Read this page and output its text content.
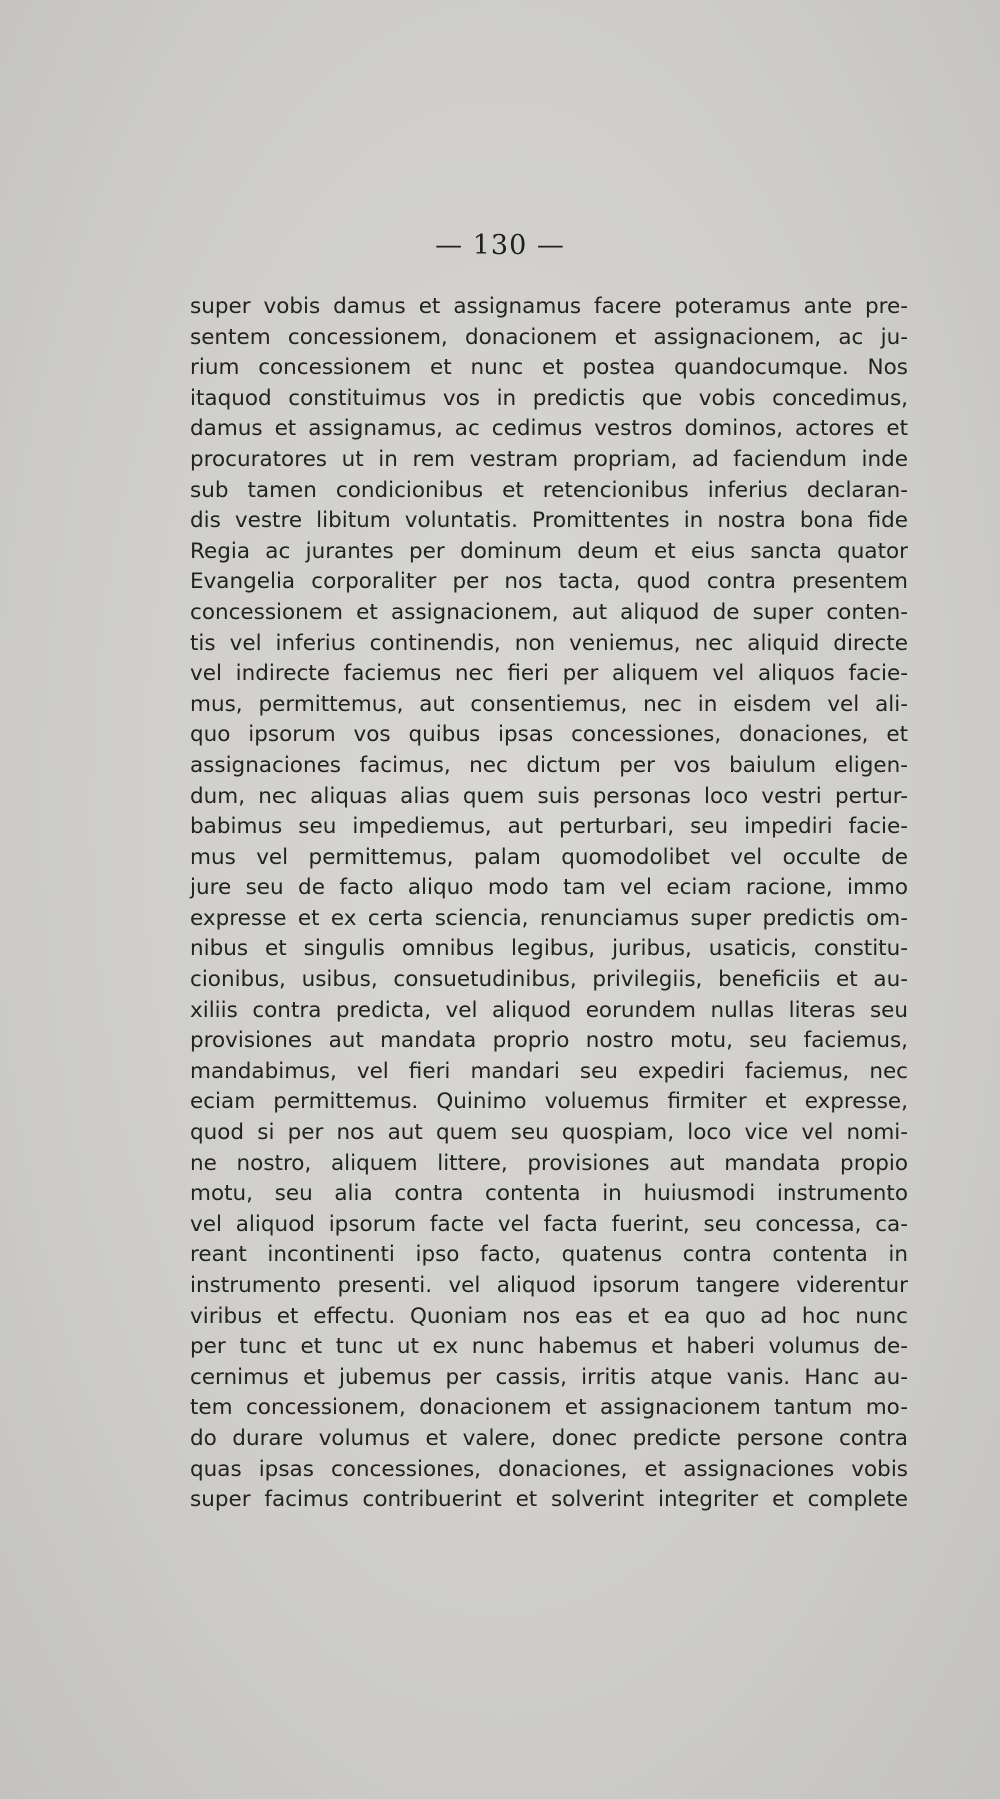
— 130 —
super vobis damus et assignamus facere poteramus ante pre-
sentem concessionem, donacionem et assignacionem, ac ju-
rium concessionem et nunc et postea quandocumque. Nos
itaquod constituimus vos in predictis que vobis concedimus,
damus et assignamus, ac cedimus vestros dominos, actores et
procuratores ut in rem vestram propriam, ad faciendum inde
sub tamen condicionibus et retencionibus inferius declaran-
dis vestre libitum voluntatis. Promittentes in nostra bona fide
Regia ac jurantes per dominum deum et eius sancta quator
Evangelia corporaliter per nos tacta, quod contra presentem
concessionem et assignacionem, aut aliquod de super conten-
tis vel inferius continendis, non veniemus, nec aliquid directe
vel indirecte faciemus nec fieri per aliquem vel aliquos facie-
mus, permittemus, aut consentiemus, nec in eisdem vel ali-
quo ipsorum vos quibus ipsas concessiones, donaciones, et
assignaciones facimus, nec dictum per vos baiulum eligen-
dum, nec aliquas alias quem suis personas loco vestri pertur-
babimus seu impediemus, aut perturbari, seu impediri facie-
mus vel permittemus, palam quomodolibet vel occulte de
jure seu de facto aliquo modo tam vel eciam racione, immo
expresse et ex certa sciencia, renunciamus super predictis om-
nibus et singulis omnibus legibus, juribus, usaticis, constitu-
cionibus, usibus, consuetudinibus, privilegiis, beneficiis et au-
xiliis contra predicta, vel aliquod eorundem nullas literas seu
provisiones aut mandata proprio nostro motu, seu faciemus,
mandabimus, vel fieri mandari seu expediri faciemus, nec
eciam permittemus. Quinimo voluemus firmiter et expresse,
quod si per nos aut quem seu quospiam, loco vice vel nomi-
ne nostro, aliquem littere, provisiones aut mandata propio
motu, seu alia contra contenta in huiusmodi instrumento
vel aliquod ipsorum facte vel facta fuerint, seu concessa, ca-
reant incontinenti ipso facto, quatenus contra contenta in
instrumento presenti. vel aliquod ipsorum tangere viderentur
viribus et effectu. Quoniam nos eas et ea quo ad hoc nunc
per tunc et tunc ut ex nunc habemus et haberi volumus de-
cernimus et jubemus per cassis, irritis atque vanis. Hanc au-
tem concessionem, donacionem et assignacionem tantum mo-
do durare volumus et valere, donec predicte persone contra
quas ipsas concessiones, donaciones, et assignaciones vobis
super facimus contribuerint et solverint integriter et complete
